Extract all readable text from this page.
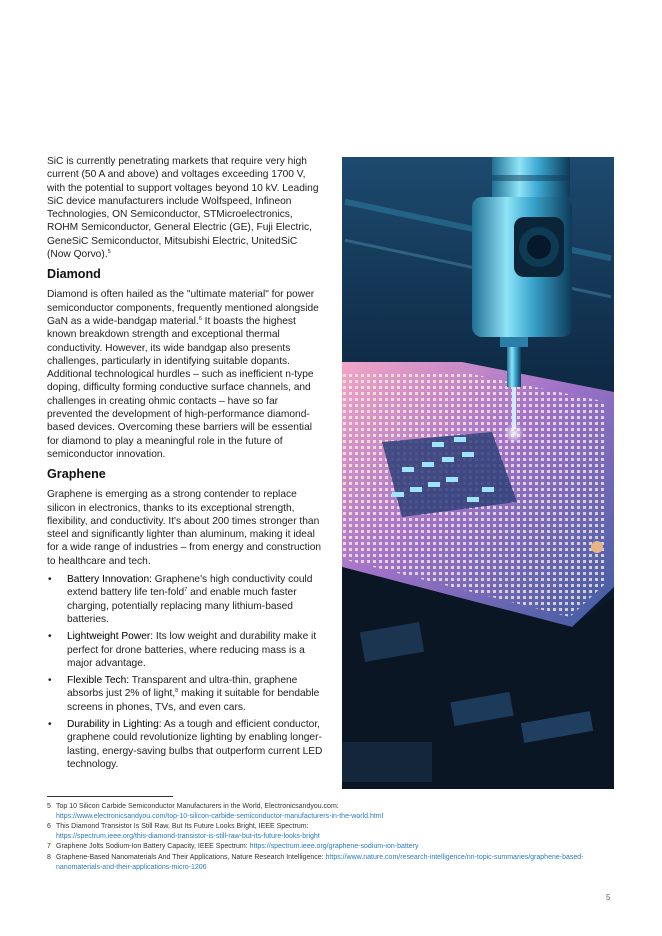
SiC is currently penetrating markets that require very high current (50 A and above) and voltages exceeding 1700 V, with the potential to support voltages beyond 10 kV. Leading SiC device manufacturers include Wolfspeed, Infineon Technologies, ON Semiconductor, STMicroelectronics, ROHM Semiconductor, General Electric (GE), Fuji Electric, GeneSiC Semiconductor, Mitsubishi Electric, UnitedSiC (Now Qorvo).$^5$

Diamond

Diamond is often hailed as the "ultimate material" for power semiconductor components, frequently mentioned alongside GaN as a wide-bandgap material.$^6$ It boasts the highest known breakdown strength and exceptional thermal conductivity. However, its wide bandgap also presents challenges, particularly in identifying suitable dopants. Additional technological hurdles – such as inefficient n-type doping, difficulty forming conductive surface channels, and challenges in creating ohmic contacts – have so far prevented the development of high-performance diamond-based devices. Overcoming these barriers will be essential for diamond to play a meaningful role in the future of semiconductor innovation.

Graphene

Graphene is emerging as a strong contender to replace silicon in electronics, thanks to its exceptional strength, flexibility, and conductivity. It's about 200 times stronger than steel and significantly lighter than aluminum, making it ideal for a wide range of industries – from energy and construction to healthcare and tech.

• Battery Innovation: Graphene's high conductivity could extend battery life ten-fold$^7$ and enable much faster charging, potentially replacing many lithium-based batteries.
• Lightweight Power: Its low weight and durability make it perfect for drone batteries, where reducing mass is a major advantage.
• Flexible Tech: Transparent and ultra-thin, graphene absorbs just 2% of light,$^8$ making it suitable for bendable screens in phones, TVs, and even cars.
• Durability in Lighting: As a tough and efficient conductor, graphene could revolutionize lighting by enabling longer-lasting, energy-saving bulbs that outperform current LED technology.
5 Top 10 Silicon Carbide Semiconductor Manufacturers in the World, Electronicsandyou.com:
https://www.electronicsandyou.com/top-10-silicon-carbide-semiconductor-manufacturers-in-the-world.html
6 This Diamond Transistor Is Still Raw, But Its Future Looks Bright, IEEE Spectrum:
https://spectrum.ieee.org/this-diamond-transistor-is-still-raw-but-its-future-looks-bright
7 Graphene Jolts Sodium-Ion Battery Capacity, IEEE Spectrum: https://spectrum.ieee.org/graphene-sodium-ion-battery
8 Graphene-Based Nanomaterials And Their Applications, Nature Research Intelligence: https://www.nature.com/research-intelligence/nri-topic-summaries/graphene-based-nanomaterials-and-their-applications-micro-1206
5
